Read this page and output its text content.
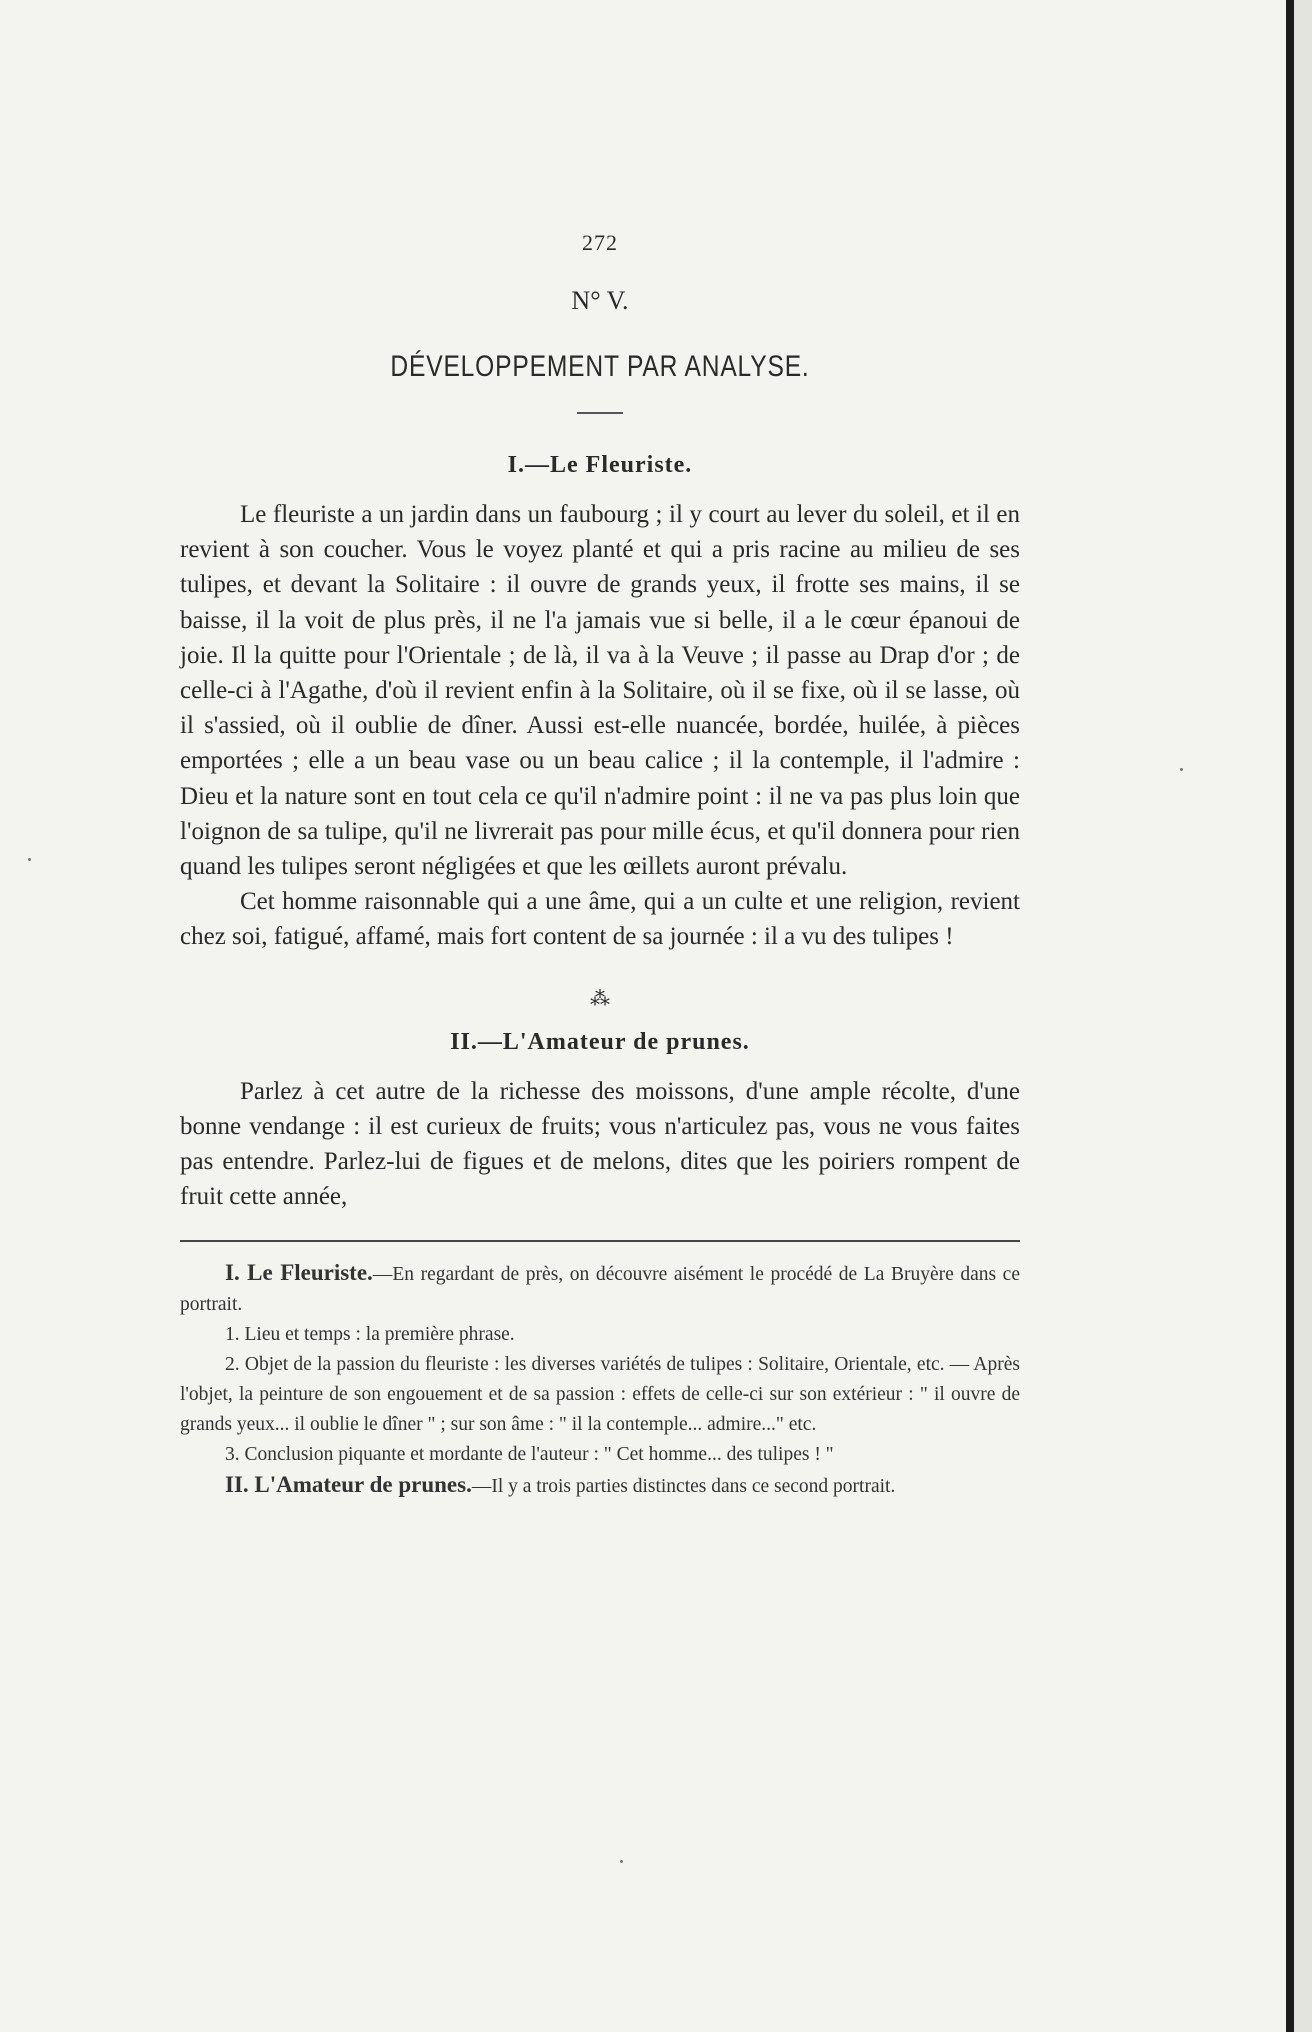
272
N° V.
DÉVELOPPEMENT PAR ANALYSE.
I.—Le Fleuriste.

Le fleuriste a un jardin dans un faubourg ; il y court au lever du soleil, et il en revient à son coucher. Vous le voyez planté et qui a pris racine au milieu de ses tulipes, et devant la Solitaire : il ouvre de grands yeux, il frotte ses mains, il se baisse, il la voit de plus près, il ne l'a jamais vue si belle, il a le cœur épanoui de joie. Il la quitte pour l'Orientale ; de là, il va à la Veuve ; il passe au Drap d'or ; de celle-ci à l'Agathe, d'où il revient enfin à la Solitaire, où il se fixe, où il se lasse, où il s'assied, où il oublie de dîner. Aussi est-elle nuancée, bordée, huilée, à pièces emportées ; elle a un beau vase ou un beau calice ; il la contemple, il l'admire : Dieu et la nature sont en tout cela ce qu'il n'admire point : il ne va pas plus loin que l'oignon de sa tulipe, qu'il ne livrerait pas pour mille écus, et qu'il donnera pour rien quand les tulipes seront négligées et que les œillets auront prévalu.

Cet homme raisonnable qui a une âme, qui a un culte et une religion, revient chez soi, fatigué, affamé, mais fort content de sa journée : il a vu des tulipes !

⁂
II.—L'Amateur de prunes.

Parlez à cet autre de la richesse des moissons, d'une ample récolte, d'une bonne vendange : il est curieux de fruits; vous n'articulez pas, vous ne vous faites pas entendre. Parlez-lui de figues et de melons, dites que les poiriers rompent de fruit cette année,

I. Le Fleuriste.—En regardant de près, on découvre aisément le procédé de La Bruyère dans ce portrait.

1. Lieu et temps : la première phrase.

2. Objet de la passion du fleuriste : les diverses variétés de tulipes : Solitaire, Orientale, etc. — Après l'objet, la peinture de son engouement et de sa passion : effets de celle-ci sur son extérieur : " il ouvre de grands yeux... il oublie le dîner " ; sur son âme : " il la contemple... admire..." etc.

3. Conclusion piquante et mordante de l'auteur : " Cet homme... des tulipes ! "

II. L'Amateur de prunes.—Il y a trois parties distinctes dans ce second portrait.
